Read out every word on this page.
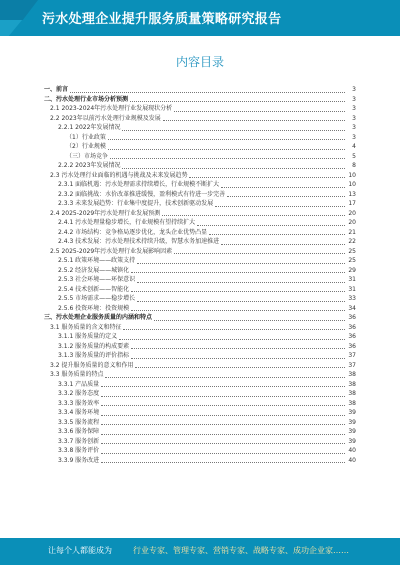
污水处理企业提升服务质量策略研究报告
内容目录
一、前言	3
二、污水处理行业市场分析预测	3
2.1 2023-2024年污水处理行业发展现状分析	3
2.2 2023年以前污水处理行业规模及发展	3
2.2.1 2022年发展情况	3
（1）行业政策	3
（2）行业规模	4
（三）市场竞争	5
2.2.2 2023年发展情况	8
2.3 污水处理行业面临的机遇与挑战及未来发展趋势	10
2.3.1 面临机遇：污水处理需求持续增长，行业规模不断扩大	10
2.3.2 面临挑战：水价改革推进缓慢，盈利模式有待进一步完善	13
2.3.3 未来发展趋势：行业集中度提升，技术创新驱动发展	17
2.4 2025-2029年污水处理行业发展预测	20
2.4.1 污水处理量稳步增长，行业规模有望持续扩大	20
2.4.2 市场结构：竞争格局逐步优化，龙头企业优势凸显	21
2.4.3 技术发展：污水处理技术持续升级，智慧水务加速推进	22
2.5 2025-2029年污水处理行业发展影响因素	25
2.5.1 政策环境——政策支持	25
2.5.2 经济发展——城镇化	29
2.5.3 社会环境——环保意识	31
2.5.4 技术创新——智能化	31
2.5.5 市场需求——稳步增长	33
2.5.6 投资环境：投资规模	34
三、污水处理企业服务质量的内涵和特点	36
3.1 服务质量的含义和特征	36
3.1.1 服务质量的定义	36
3.1.2 服务质量的构成要素	36
3.1.3 服务质量的评价指标	37
3.2 提升服务质量的意义和作用	37
3.3 服务质量的特点	38
3.3.1 产品质量	38
3.3.2 服务态度	38
3.3.3 服务效率	38
3.3.4 服务环境	39
3.3.5 服务流程	39
3.3.6 服务保障	39
3.3.7 服务创新	39
3.3.8 服务评价	40
3.3.9 服务改进	40
让每个人都能成为	行业专家、管理专家、营销专家、战略专家、成功企业家……
